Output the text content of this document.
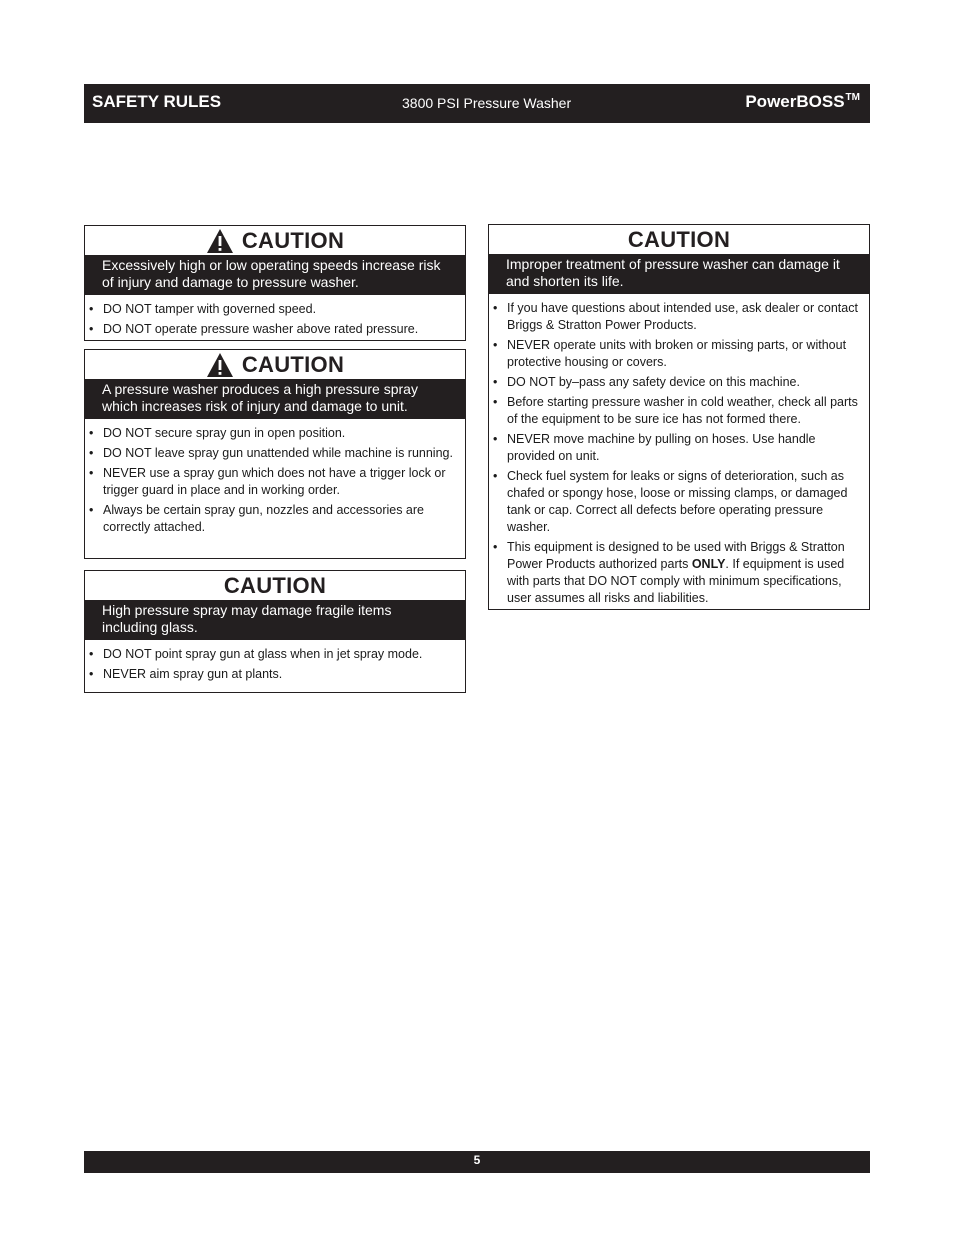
SAFETY RULES	3800 PSI Pressure Washer	PowerBOSS™
CAUTION
Excessively high or low operating speeds increase risk of injury and damage to pressure washer.
• DO NOT tamper with governed speed.
• DO NOT operate pressure washer above rated pressure.
CAUTION
A pressure washer produces a high pressure spray which increases risk of injury and damage to unit.
• DO NOT secure spray gun in open position.
• DO NOT leave spray gun unattended while machine is running.
• NEVER use a spray gun which does not have a trigger lock or trigger guard in place and in working order.
• Always be certain spray gun, nozzles and accessories are correctly attached.
CAUTION
High pressure spray may damage fragile items including glass.
• DO NOT point spray gun at glass when in jet spray mode.
• NEVER aim spray gun at plants.
CAUTION
Improper treatment of pressure washer can damage it and shorten its life.
• If you have questions about intended use, ask dealer or contact Briggs & Stratton Power Products.
• NEVER operate units with broken or missing parts, or without protective housing or covers.
• DO NOT by–pass any safety device on this machine.
• Before starting pressure washer in cold weather, check all parts of the equipment to be sure ice has not formed there.
• NEVER move machine by pulling on hoses. Use handle provided on unit.
• Check fuel system for leaks or signs of deterioration, such as chafed or spongy hose, loose or missing clamps, or damaged tank or cap. Correct all defects before operating pressure washer.
• This equipment is designed to be used with Briggs & Stratton Power Products authorized parts ONLY. If equipment is used with parts that DO NOT comply with minimum specifications, user assumes all risks and liabilities.
5
